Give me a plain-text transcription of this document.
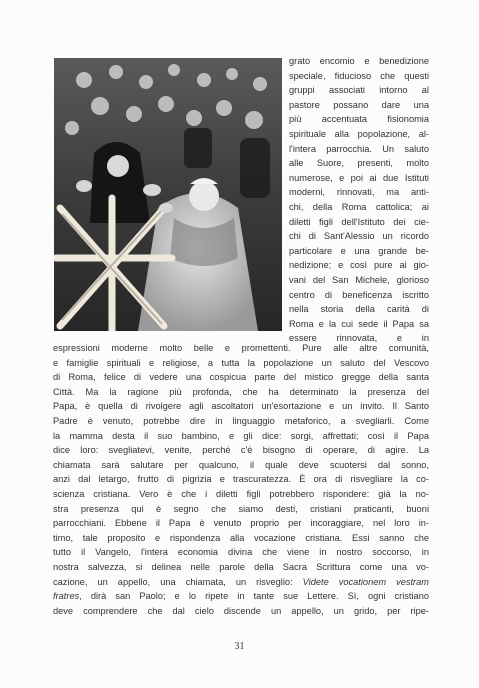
grato encomio e benedizione
speciale, fiducioso che questi
gruppi associati intorno al
pastore possano dare una
più accentuata fisionomia
spirituale alla popolazione, al-
l'intera parrocchia. Un saluto
alle Suore, presenti, molto
numerose, e poi ai due Istituti
moderni, rinnovati, ma anti-
chi, della Roma cattolica; ai
diletti figli dell'Istituto dei cie-
chi di Sant'Alessio un ricordo
particolare e una grande be-
nedizione; e così pure ai gio-
vani del San Michele, glorioso
centro di beneficenza iscritto
nella storia della carità di
Roma e la cui sede il Papa sa
essere rinnovata, e in
espressioni moderne molto belle e promettenti. Pure alle altre comunità,
e famiglie spirituali e religiose, a tutta la popolazione un saluto del Vescovo
di Roma, felice di vedere una cospicua parte del mistico gregge della santa
Città. Ma la ragione più profonda, che ha determinato la presenza del
Papa, è quella di rivolgere agli ascoltatori un'esortazione e un invito. Il Santo
Padre è venuto, potrebbe dire in linguaggio metaforico, a svegliarli. Come
la mamma desta il suo bambino, e gli dice: sorgi, affrettati; così il Papa
dice loro: svegliatevi, venite, perché c'è bisogno di operare, di agire. La
chiamata sarà salutare per qualcuno, il quale deve scuotersi dal sonno,
anzi dal letargo, frutto di pigrizia e trascuratezza. È ora di risvegliare la co-
scienza cristiana. Vero è che i diletti figli potrebbero rispondere: già la no-
stra presenza qui è segno che siamo desti, cristiani praticanti, buoni
parrocchiani. Ebbene il Papa è venuto proprio per incoraggiare, nel loro in-
timo, tale proposito e rispondenza alla vocazione cristiana. Essi sanno che
tutto il Vangelo, l'intera economia divina che viene in nostro soccorso, in
nostra salvezza, si delinea nelle parole della Sacra Scrittura come una vo-
cazione, un appello, una chiamata, un risveglio: Videte vocationem vestram
fratres, dirà san Paolo; e lo ripete in tante sue Lettere. Sì, ogni cristiano
deve comprendere che dal cielo discende un appello, un grido, per ripe-
31
